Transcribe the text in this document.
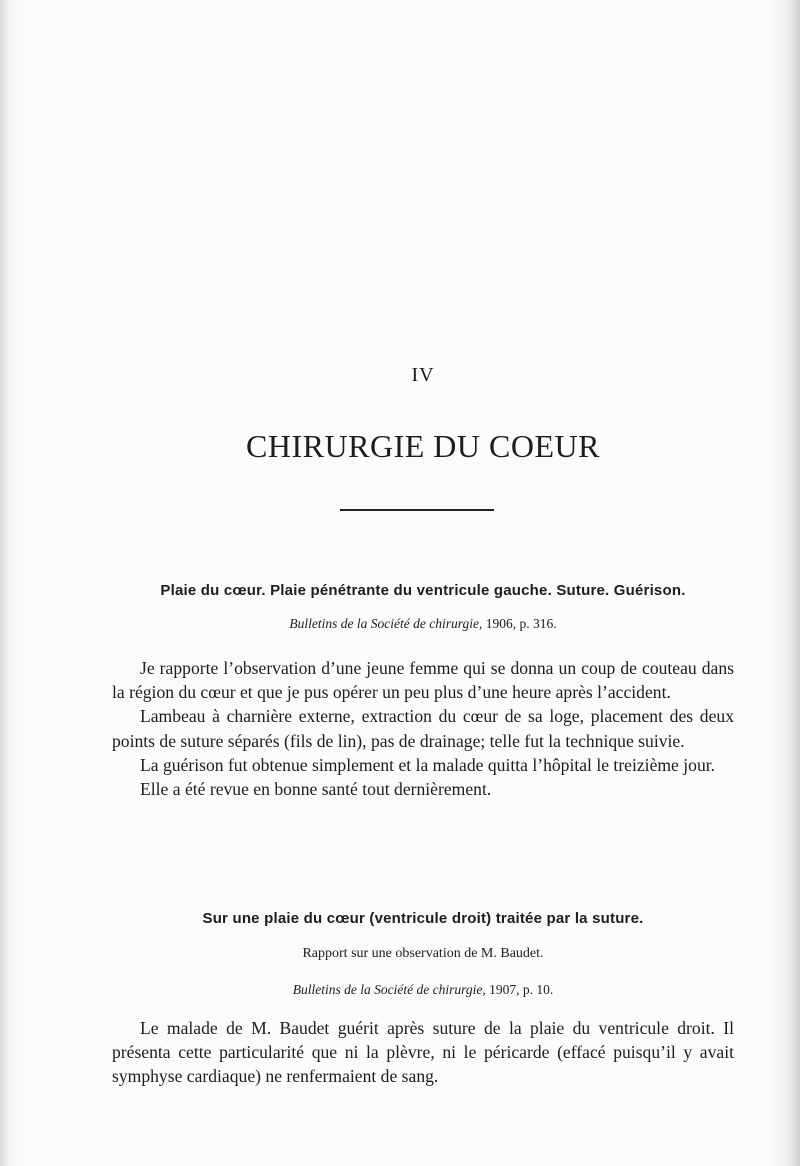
IV
CHIRURGIE DU COEUR
Plaie du cœur. Plaie pénétrante du ventricule gauche. Suture. Guérison.
Bulletins de la Société de chirurgie, 1906, p. 316.

Je rapporte l’observation d’une jeune femme qui se donna un coup de couteau dans la région du cœur et que je pus opérer un peu plus d’une heure après l’accident.

Lambeau à charnière externe, extraction du cœur de sa loge, placement des deux points de suture séparés (fils de lin), pas de drainage; telle fut la technique suivie.

La guérison fut obtenue simplement et la malade quitta l’hôpital le treizième jour.

Elle a été revue en bonne santé tout dernièrement.

Sur une plaie du cœur (ventricule droit) traitée par la suture.
Rapport sur une observation de M. Baudet.
Bulletins de la Société de chirurgie, 1907, p. 10.

Le malade de M. Baudet guérit après suture de la plaie du ventricule droit. Il présenta cette particularité que ni la plèvre, ni le péricarde (effacé puisqu’il y avait symphyse cardiaque) ne renfermaient de sang.
